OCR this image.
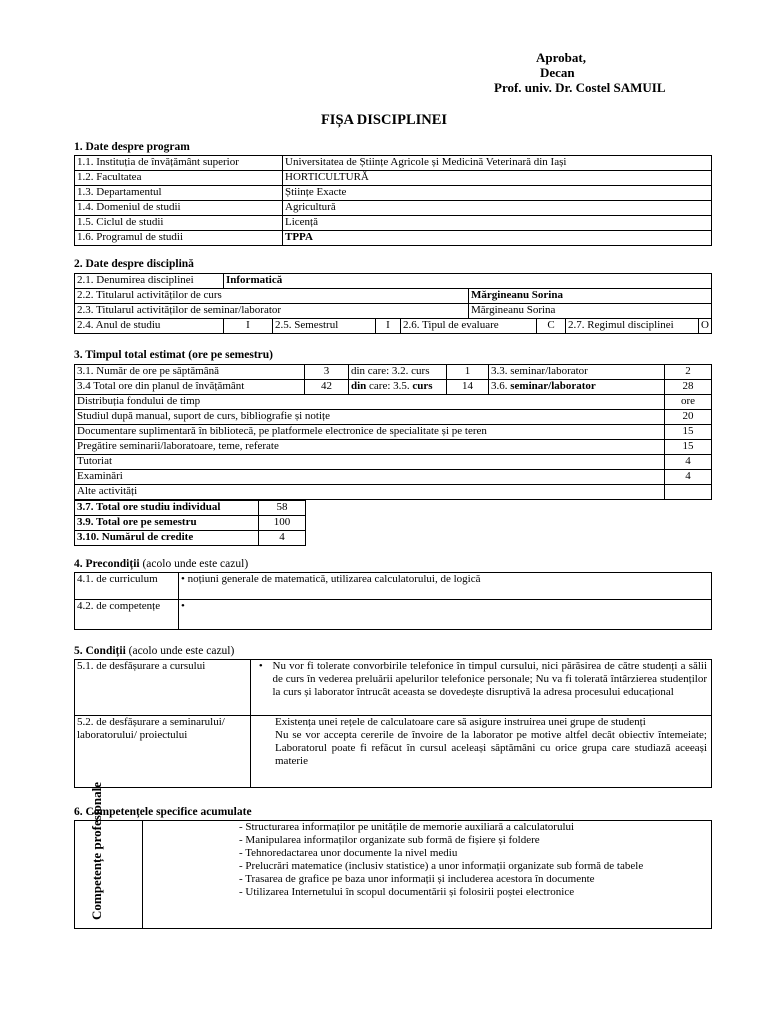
Aprobat,
Decan
Prof. univ. Dr. Costel SAMUIL
FIȘA DISCIPLINEI
1. Date despre program
1.1. Instituția de învățământ superior	Universitatea de Științe Agricole și Medicină Veterinară din Iași
1.2. Facultatea	HORTICULTURĂ
1.3. Departamentul	Științe Exacte
1.4. Domeniul de studii	Agricultură
1.5. Ciclul de studii	Licență
1.6. Programul de studii	TPPA
2. Date despre disciplină
2.1. Denumirea disciplinei	Informatică							
2.2. Titularul activităților de curs					Mărgineanu Sorina			
2.3. Titularul activităților de seminar/laborator					Mărgineanu Sorina			
2.4. Anul de studiu	I	2.5. Semestrul	I	2.6. Tipul de evaluare		C	2.7. Regimul disciplinei	O
3. Timpul total estimat (ore pe semestru)
3.1. Număr de ore pe săptămână	3	din care: 3.2. curs	1	3.3. seminar/laborator	2
3.4 Total ore din planul de învățământ	42	din care: 3.5. curs	14	3.6. seminar/laborator	28
Distribuția fondului de timp					ore
Studiul după manual, suport de curs, bibliografie și notițe					20
Documentare suplimentară în bibliotecă, pe platformele electronice de specialitate și pe teren					15
Pregătire seminarii/laboratoare, teme, referate					15
Tutoriat					4
Examinări					4
Alte activități					
3.7. Total ore studiu individual	58
3.9. Total ore pe semestru	100
3.10. Numărul de credite	4
4. Precondiții (acolo unde este cazul)
4.1. de curriculum	• noțiuni generale de matematică, utilizarea calculatorului, de logică
4.2. de competențe	•
5. Condiții (acolo unde este cazul)
5.1. de desfășurare a cursului	•	Nu vor fi tolerate convorbirile telefonice în timpul cursului, nici părăsirea de către studenți a sălii de curs în vederea preluării apelurilor telefonice personale; Nu va fi tolerată întârzierea studenților la curs și laborator întrucât aceasta se dovedește disruptivă la adresa procesului educațional
5.2. de desfășurare a seminarului/ laboratorului/ proiectului	Existența unei rețele de calculatoare care să asigure instruirea unei grupe de studenți
Nu se vor accepta cererile de învoire de la laborator pe motive altfel decât obiectiv întemeiate; Laboratorul poate fi refăcut în cursul aceleași săptămâni cu orice grupa care studiază aceeași materie	
6. Competențele specifice acumulate
Competențe profesionale	- Structurarea informaților pe unitățile de memorie auxiliară a calculatorului
- Manipularea informaților organizate sub formă de fișiere și foldere
- Tehnoredactarea unor documente la nivel mediu
- Prelucrări matematice (inclusiv statistice) a unor informații organizate sub formă de tabele
- Trasarea de grafice pe baza unor informații și includerea acestora în documente
- Utilizarea Internetului în scopul documentării și folosirii poștei electronice
